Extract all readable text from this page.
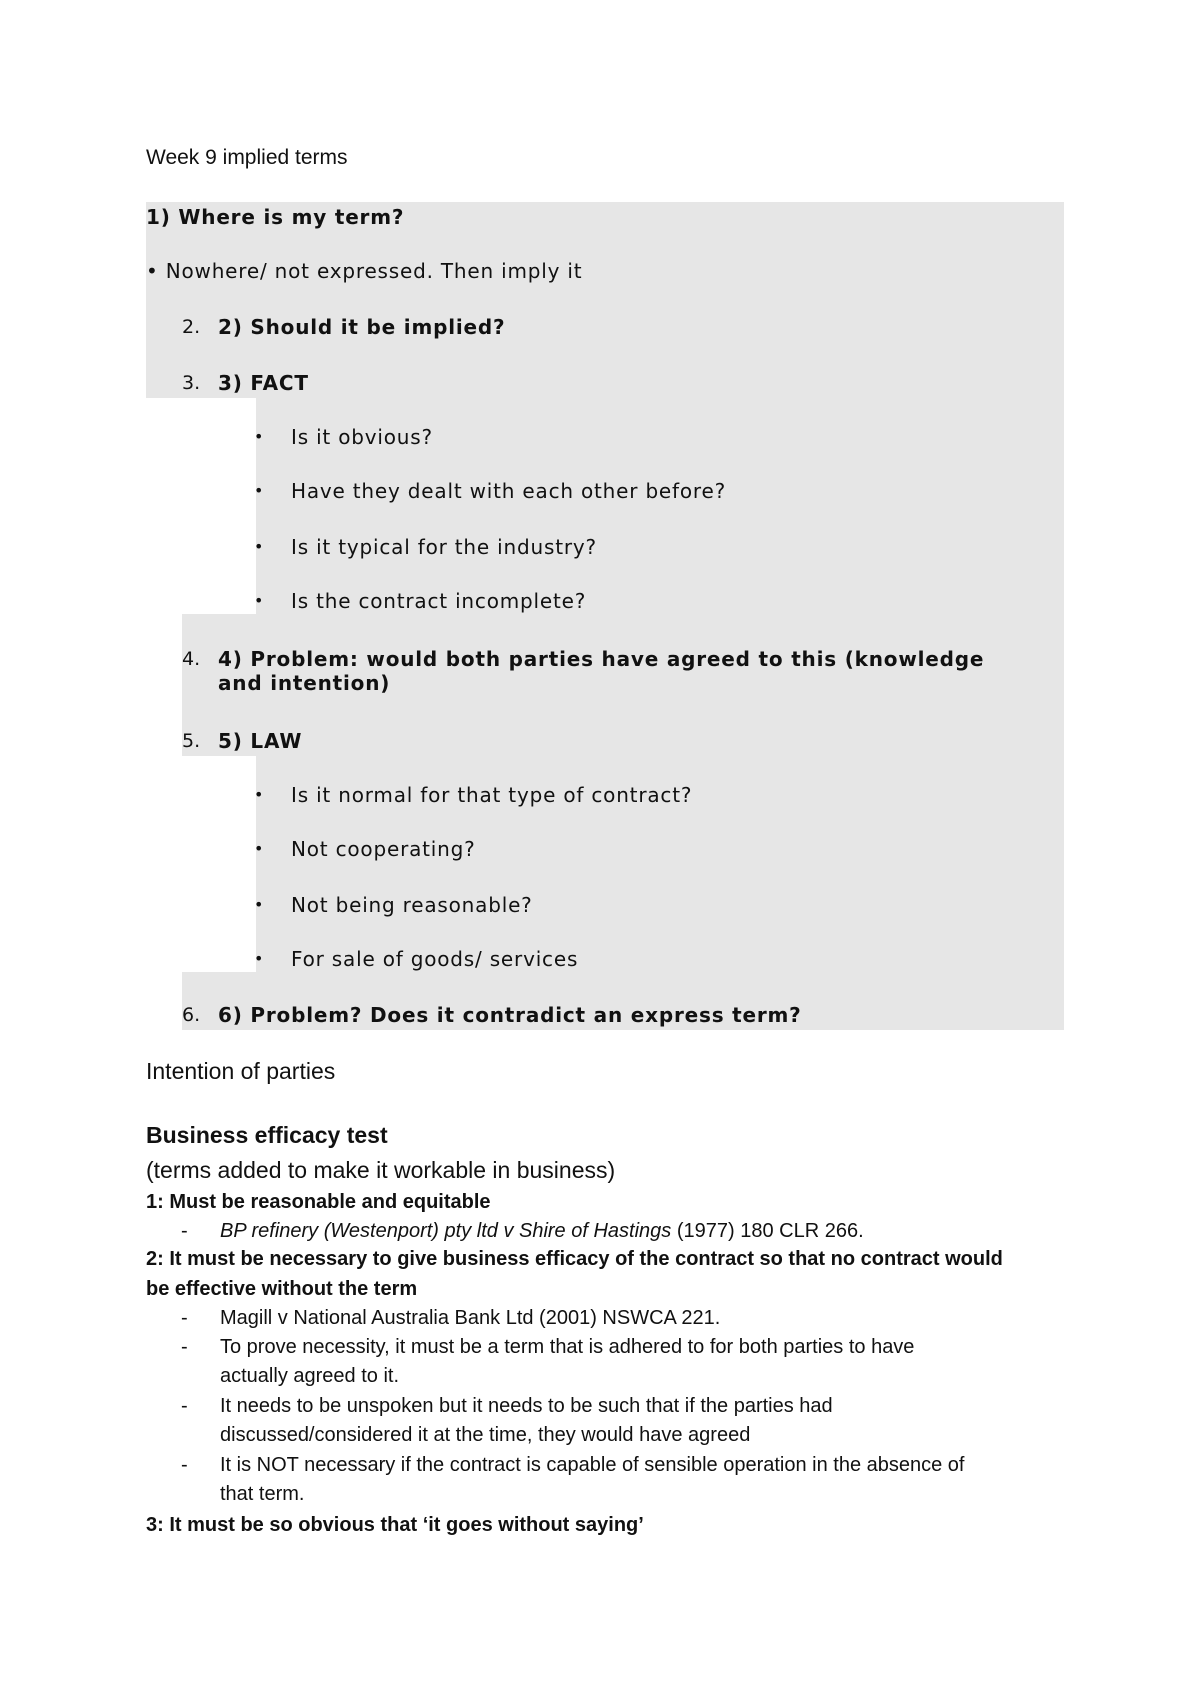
Week 9 implied terms
1) Where is my term?
• Nowhere/ not expressed. Then imply it
2. 2) Should it be implied?
3. 3) FACT
• Is it obvious?
• Have they dealt with each other before?
• Is it typical for the industry?
• Is the contract incomplete?
4. 4) Problem: would both parties have agreed to this (knowledge
and intention)
5. 5) LAW
• Is it normal for that type of contract?
• Not cooperating?
• Not being reasonable?
• For sale of goods/ services
6. 6) Problem? Does it contradict an express term?
Intention of parties
Business efficacy test
(terms added to make it workable in business)
1: Must be reasonable and equitable
- BP refinery (Westenport) pty ltd v Shire of Hastings (1977) 180 CLR 266.
2: It must be necessary to give business efficacy of the contract so that no contract would
be effective without the term
- Magill v National Australia Bank Ltd (2001) NSWCA 221.
- To prove necessity, it must be a term that is adhered to for both parties to have
actually agreed to it.
- It needs to be unspoken but it needs to be such that if the parties had
discussed/considered it at the time, they would have agreed
- It is NOT necessary if the contract is capable of sensible operation in the absence of
that term.
3: It must be so obvious that ‘it goes without saying’
